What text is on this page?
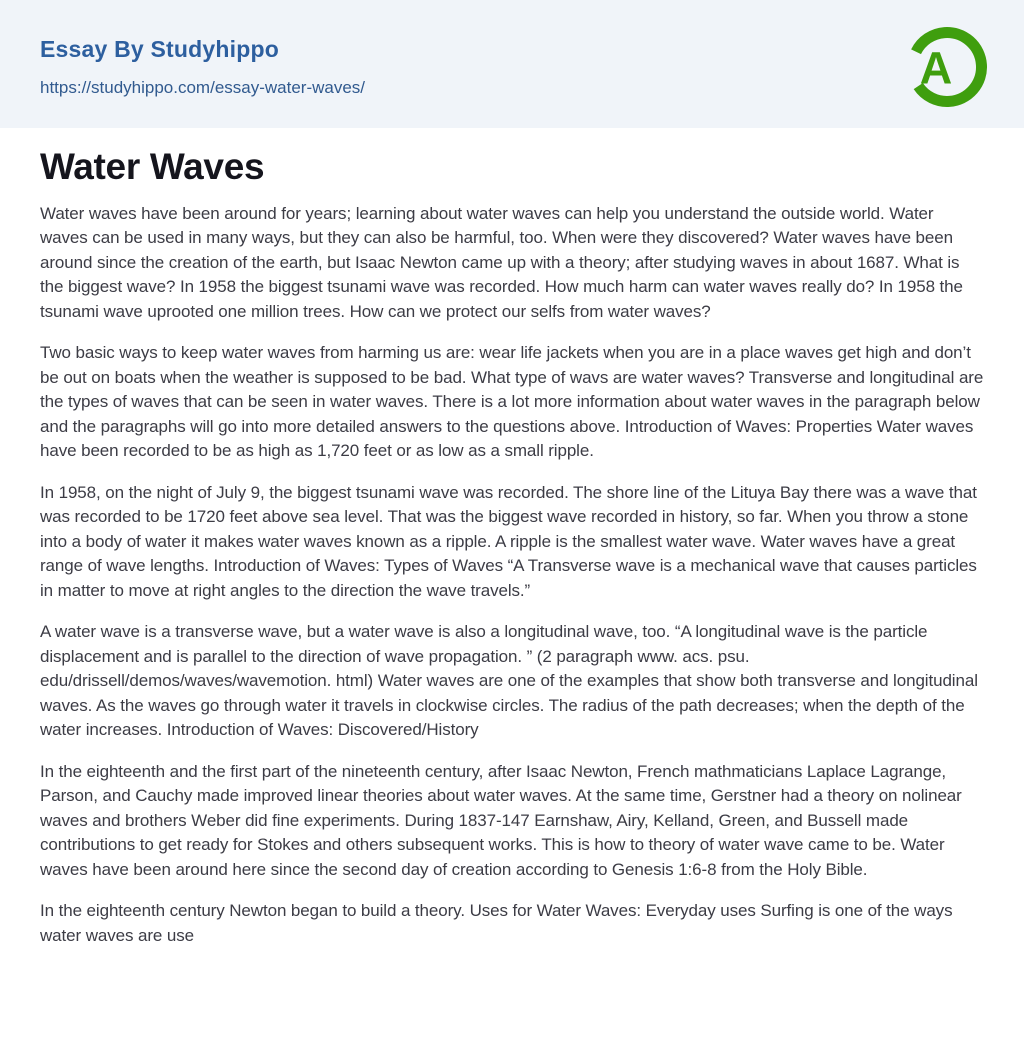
Essay By Studyhippo
https://studyhippo.com/essay-water-waves/	A
Water Waves

Water waves have been around for years; learning about water waves can help you understand the outside world. Water waves can be used in many ways, but they can also be harmful, too. When were they discovered? Water waves have been around since the creation of the earth, but Isaac Newton came up with a theory; after studying waves in about 1687. What is the biggest wave? In 1958 the biggest tsunami wave was recorded. How much harm can water waves really do? In 1958 the tsunami wave uprooted one million trees. How can we protect our selfs from water waves?

Two basic ways to keep water waves from harming us are: wear life jackets when you are in a place waves get high and don’t be out on boats when the weather is supposed to be bad. What type of wavs are water waves? Transverse and longitudinal are the types of waves that can be seen in water waves. There is a lot more information about water waves in the paragraph below and the paragraphs will go into more detailed answers to the questions above. Introduction of Waves: Properties Water waves have been recorded to be as high as 1,720 feet or as low as a small ripple.

In 1958, on the night of July 9, the biggest tsunami wave was recorded. The shore line of the Lituya Bay there was a wave that was recorded to be 1720 feet above sea level. That was the biggest wave recorded in history, so far. When you throw a stone into a body of water it makes water waves known as a ripple. A ripple is the smallest water wave. Water waves have a great range of wave lengths. Introduction of Waves: Types of Waves “A Transverse wave is a mechanical wave that causes particles in matter to move at right angles to the direction the wave travels.”

A water wave is a transverse wave, but a water wave is also a longitudinal wave, too. “A longitudinal wave is the particle displacement and is parallel to the direction of wave propagation. ” (2 paragraph www. acs. psu. edu/drissell/demos/waves/wavemotion. html) Water waves are one of the examples that show both transverse and longitudinal waves. As the waves go through water it travels in clockwise circles. The radius of the path decreases; when the depth of the water increases. Introduction of Waves: Discovered/History

In the eighteenth and the first part of the nineteenth century, after Isaac Newton, French mathmaticians Laplace Lagrange, Parson, and Cauchy made improved linear theories about water waves. At the same time, Gerstner had a theory on nolinear waves and brothers Weber did fine experiments. During 1837-147 Earnshaw, Airy, Kelland, Green, and Bussell made contributions to get ready for Stokes and others subsequent works. This is how to theory of water wave came to be. Water waves have been around here since the second day of creation according to Genesis 1:6-8 from the Holy Bible.

In the eighteenth century Newton began to build a theory. Uses for Water Waves: Everyday uses Surfing is one of the ways water waves are use
